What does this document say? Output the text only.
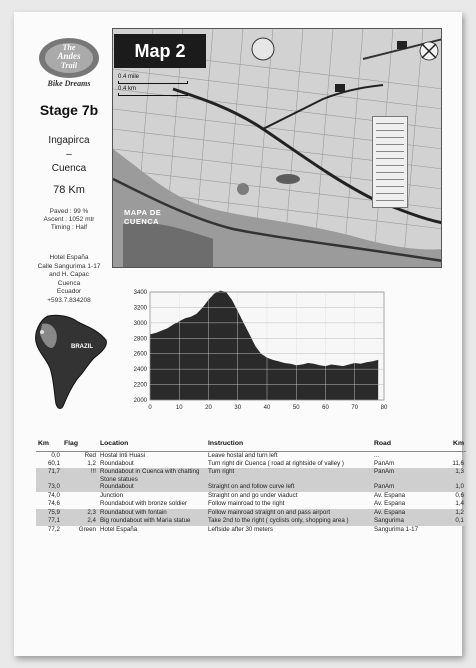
The
Andes
Trail
Bike Dreams
Stage 7b
Ingapirca
–
Cuenca
78 Km
Paved : 99 %
Ascent : 1052 mtr
Timing : Half
Hotel España
Calle Sangurima 1-17
and H. Capac
Cuenca
Ecuador
+593.7.834208
BRAZIL
Map 2
0.4 mile
0.4 km
MAPA DE
CUENCA
2000
2200
2400
2600
2800
3000
3200
3400
0	10	20	30	40	50	60	70	80
Km	Flag	Location	Instruction	Road	Km
0,0	Red	Hostal Inti Huasi	Leave hostal and turn left	...	
60,1	1,2	Roundabout	Turn right dir Cuenca ( road at rightside of valley )	PanAm	11,6
71,7	!!!	Roundabout in Cuenca with chatting Stone statues	Turn right	PanAm	1,3
73,0		Roundabout	Straight on and follow curve left	PanAm	1,0
74,0		Junction	Straight on and go under viaduct	Av. Espana	0,6
74,6		Roundabout with bronze soldier	Follow mainroad to the right	Av. Espana	1,4
75,9	2,3	Roundabout with fontain	Follow mainroad straight on and pass airport	Av. Espana	1,2
77,1	2,4	Big roundabout with Maria statue	Take 2nd to the right ( cyclists only, shopping area )	Sangurima	0,1
77,2	Green	Hotel España	Leftside after 30 meters	Sangurima 1-17	
